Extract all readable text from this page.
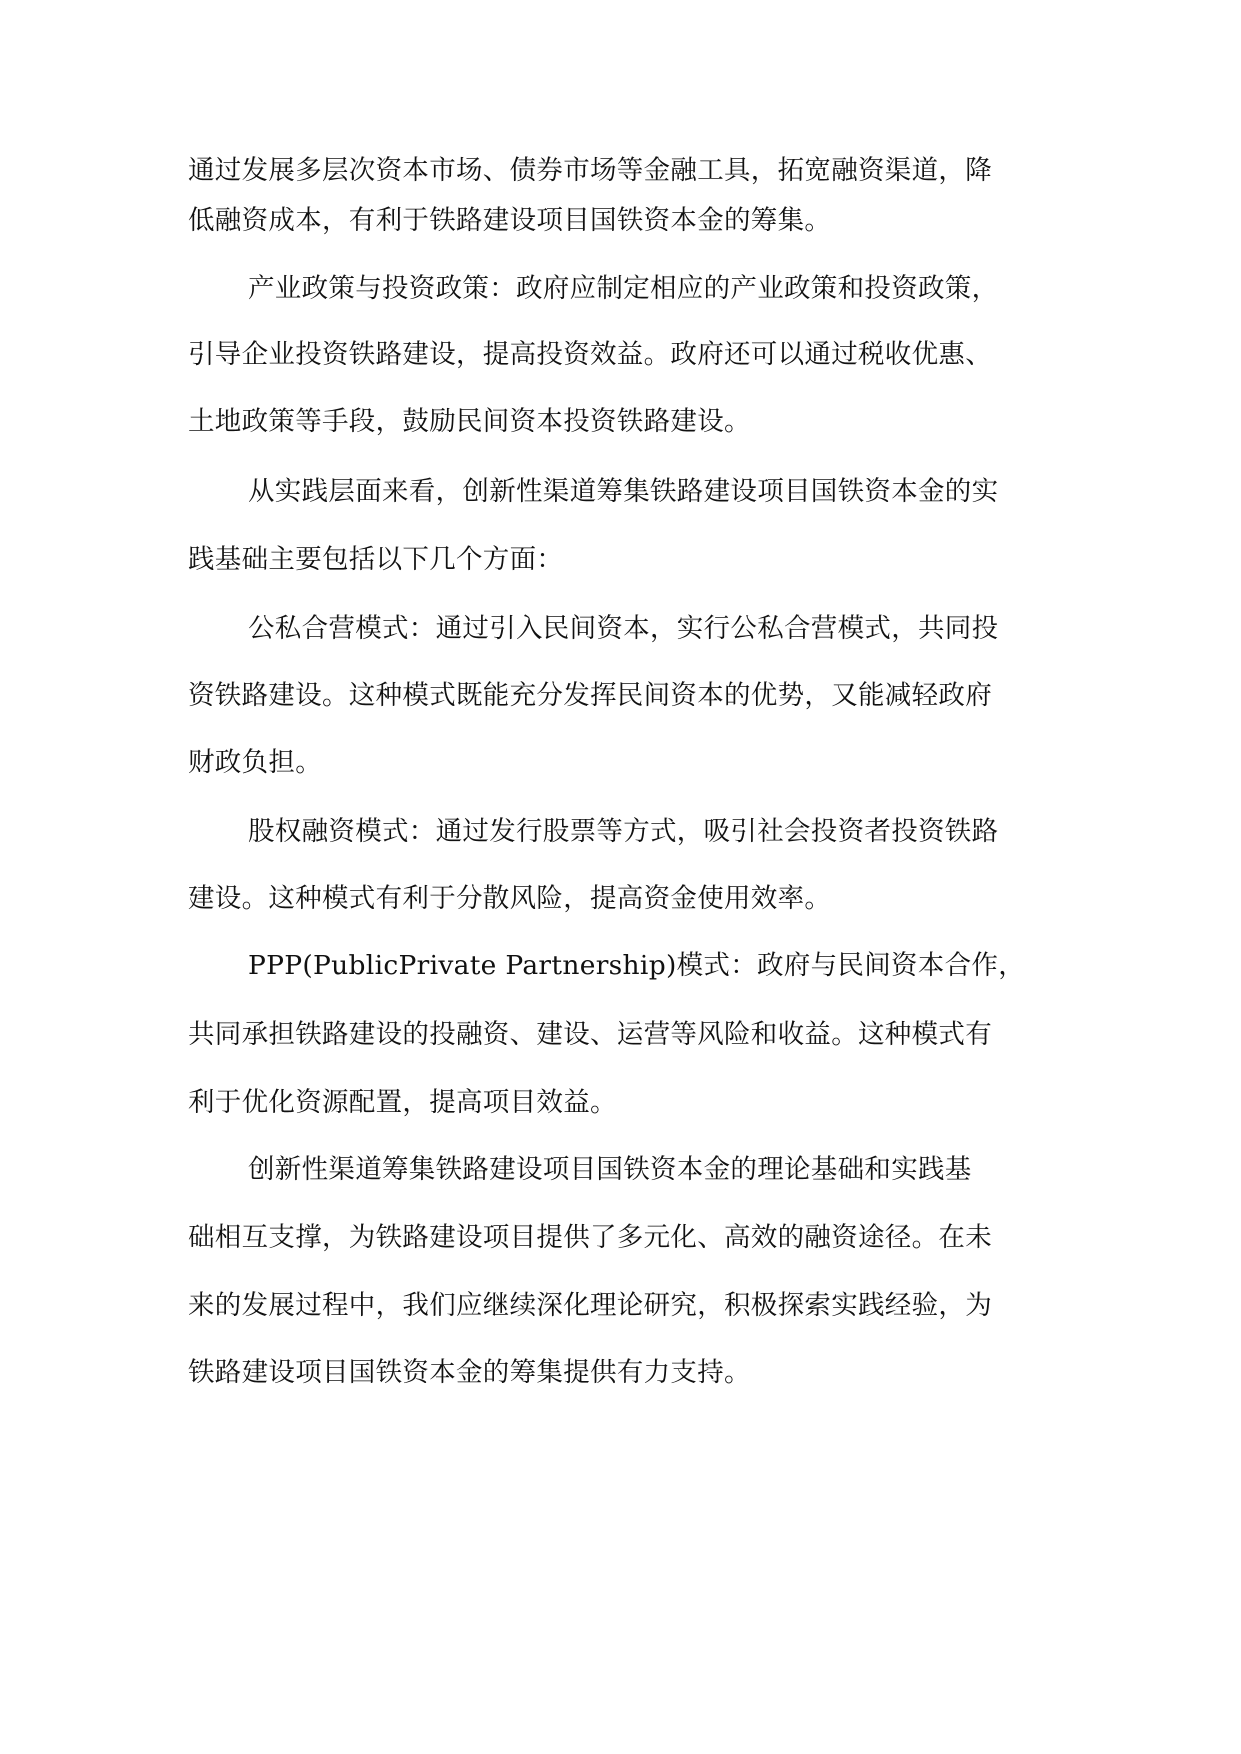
通过发展多层次资本市场、债券市场等金融工具，拓宽融资渠道，降
低融资成本，有利于铁路建设项目国铁资本金的筹集。
产业政策与投资政策：政府应制定相应的产业政策和投资政策，
引导企业投资铁路建设，提高投资效益。政府还可以通过税收优惠、
土地政策等手段，鼓励民间资本投资铁路建设。
从实践层面来看，创新性渠道筹集铁路建设项目国铁资本金的实
践基础主要包括以下几个方面：
公私合营模式：通过引入民间资本，实行公私合营模式，共同投
资铁路建设。这种模式既能充分发挥民间资本的优势，又能减轻政府
财政负担。
股权融资模式：通过发行股票等方式，吸引社会投资者投资铁路
建设。这种模式有利于分散风险，提高资金使用效率。
PPP(PublicPrivate Partnership)模式：政府与民间资本合作，
共同承担铁路建设的投融资、建设、运营等风险和收益。这种模式有
利于优化资源配置，提高项目效益。
创新性渠道筹集铁路建设项目国铁资本金的理论基础和实践基
础相互支撑，为铁路建设项目提供了多元化、高效的融资途径。在未
来的发展过程中，我们应继续深化理论研究，积极探索实践经验，为
铁路建设项目国铁资本金的筹集提供有力支持。
